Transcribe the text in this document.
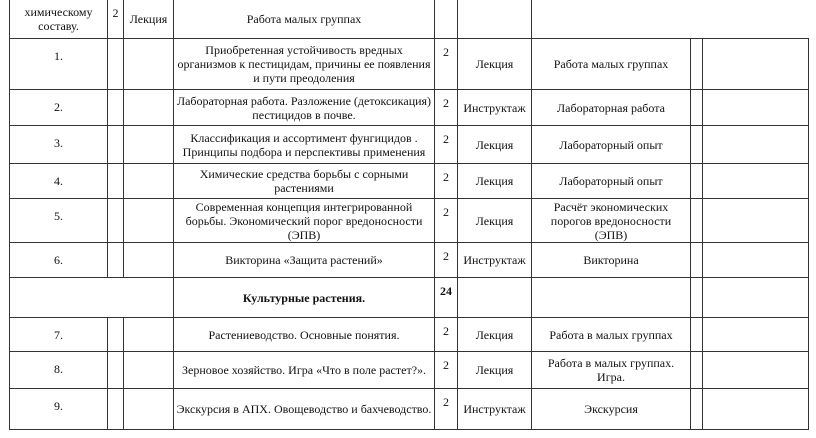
химическому составу.	2	Лекция	Работа малых группах					
1.			Приобретенная устойчивость вредных организмов к пестицидам, причины ее появления и пути преодоления	2	Лекция	Работа малых группах		
2.			Лабораторная работа. Разложение (детоксикация) пестицидов в почве.	2	Инструктаж	Лабораторная работа		
3.			Классификация и ассортимент фунгицидов . Принципы подбора и перспективы применения	2	Лекция	Лабораторный опыт		
4.			Химические средства борьбы с сорными растениями	2	Лекция	Лабораторный опыт		
5.			Современная концепция интегрированной борьбы. Экономический порог вредоносности (ЭПВ)	2	Лекция	Расчёт экономических порогов вредоносности (ЭПВ)		
6.			Викторина «Защита растений»	2	Инструктаж	Викторина		
			Культурные растения.	24				
7.			Растениеводство. Основные понятия.	2	Лекция	Работа в малых группах		
8.			Зерновое хозяйство. Игра «Что в поле растет?».	2	Лекция	Работа в малых группах. Игра.		
9.			Экскурсия в АПХ. Овощеводство и бахчеводство.	2	Инструктаж	Экскурсия		
